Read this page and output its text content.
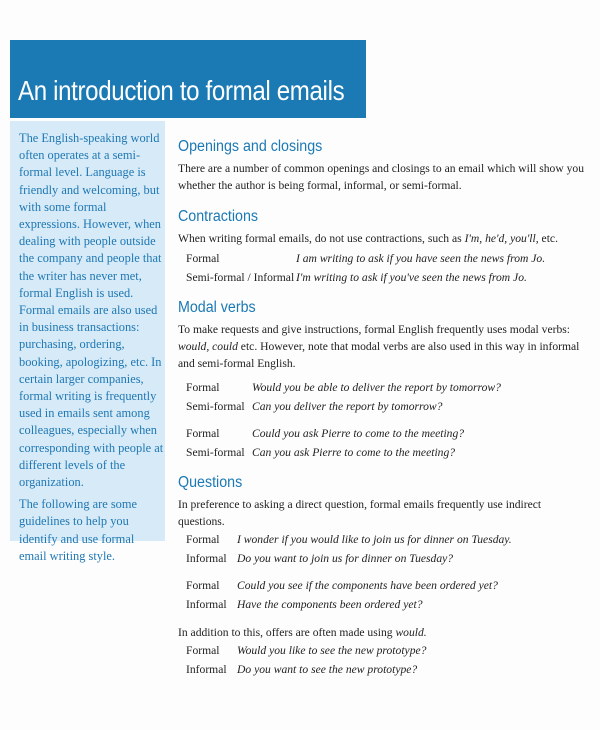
An introduction to formal emails

The English-speaking world often operates at a semi-formal level. Language is friendly and welcoming, but with some formal expressions. However, when dealing with people outside the company and people that the writer has never met, formal English is used. Formal emails are also used in business transactions: purchasing, ordering, booking, apologizing, etc. In certain larger companies, formal writing is frequently used in emails sent among colleagues, especially when corresponding with people at different levels of the organization.

The following are some guidelines to help you identify and use formal email writing style.

Openings and closings

There are a number of common openings and closings to an email which will show you whether the author is being formal, informal, or semi-formal.

Contractions

When writing formal emails, do not use contractions, such as I'm, he'd, you'll, etc.

Formal	I am writing to ask if you have seen the news from Jo.
Semi-formal / Informal	I'm writing to ask if you've seen the news from Jo.
Modal verbs

To make requests and give instructions, formal English frequently uses modal verbs: would, could etc. However, note that modal verbs are also used in this way in informal and semi-formal English.

Formal	Would you be able to deliver the report by tomorrow?
Semi-formal	Can you deliver the report by tomorrow?
Formal	Could you ask Pierre to come to the meeting?
Semi-formal	Can you ask Pierre to come to the meeting?
Questions

In preference to asking a direct question, formal emails frequently use indirect questions.

Formal	I wonder if you would like to join us for dinner on Tuesday.
Informal	Do you want to join us for dinner on Tuesday?
Formal	Could you see if the components have been ordered yet?
Informal	Have the components been ordered yet?

In addition to this, offers are often made using would.

Formal	Would you like to see the new prototype?
Informal	Do you want to see the new prototype?
